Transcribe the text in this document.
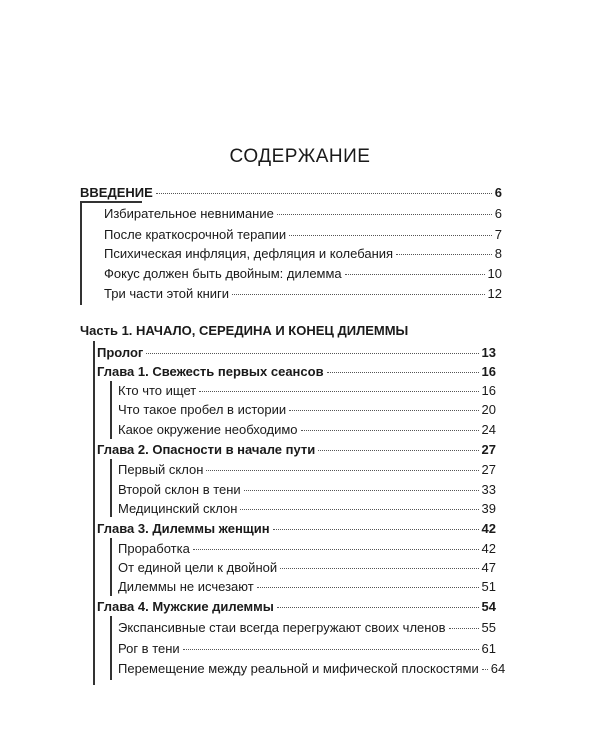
СОДЕРЖАНИЕ
ВВЕДЕНИЕ	6
Избирательное невнимание	6
После краткосрочной терапии	7
Психическая инфляция, дефляция и колебания	8
Фокус должен быть двойным: дилемма	10
Три части этой книги	12
Часть 1. НАЧАЛО, СЕРЕДИНА И КОНЕЦ ДИЛЕММЫ
Пролог	13
Глава 1. Свежесть первых сеансов	16
Кто что ищет	16
Что такое пробел в истории	20
Какое окружение необходимо	24
Глава 2. Опасности в начале пути	27
Первый склон	27
Второй склон в тени	33
Медицинский склон	39
Глава 3. Дилеммы женщин	42
Проработка	42
От единой цели к двойной	47
Дилеммы не исчезают	51
Глава 4. Мужские дилеммы	54
Экспансивные стаи всегда перегружают своих членов	55
Рог в тени	61
Перемещение между реальной и мифической плоскостями 64
